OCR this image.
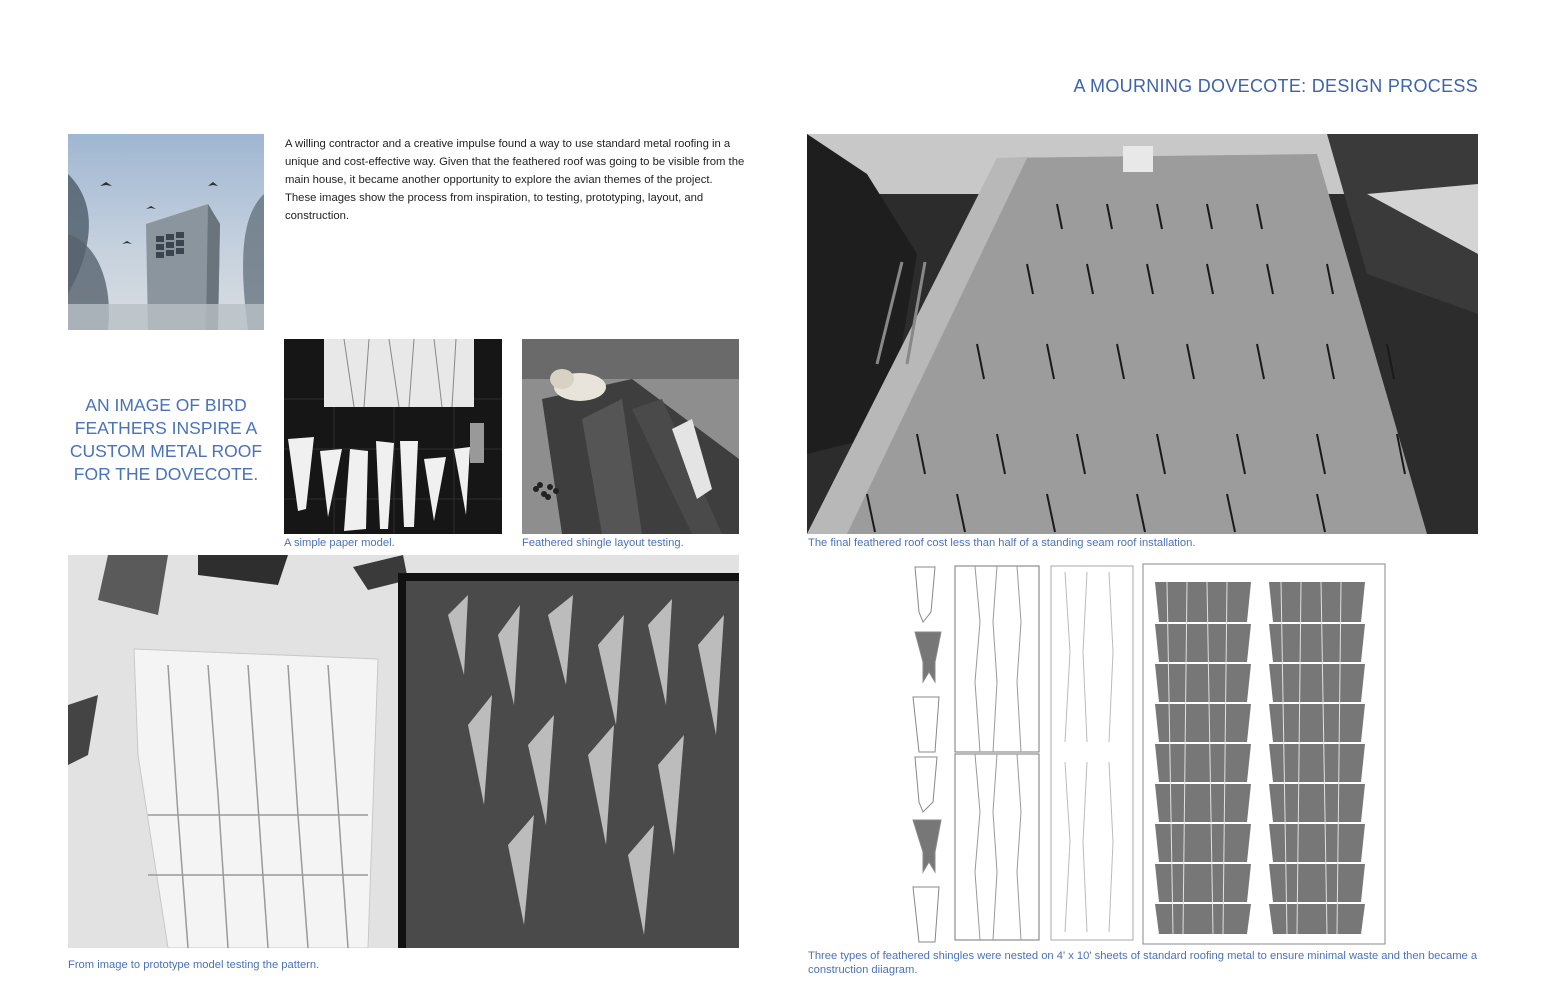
A MOURNING DOVECOTE: DESIGN PROCESS
A willing contractor and a creative impulse found a way to use standard metal roofing in a unique and cost-effective way. Given that the feathered roof was going to be visible from the main house, it became another opportunity to explore the avian themes of the project. These images show the process from inspiration, to testing, prototyping, layout, and construction.
AN IMAGE OF BIRD FEATHERS INSPIRE A CUSTOM METAL ROOF FOR THE DOVECOTE.
A simple paper model.	Feathered shingle layout testing.	The final feathered roof cost less than half of a standing seam roof installation.
From image to prototype model testing the pattern.
Three types of feathered shingles were nested on 4' x 10' sheets of standard roofing metal to ensure minimal waste and then became a construction diiagram.
